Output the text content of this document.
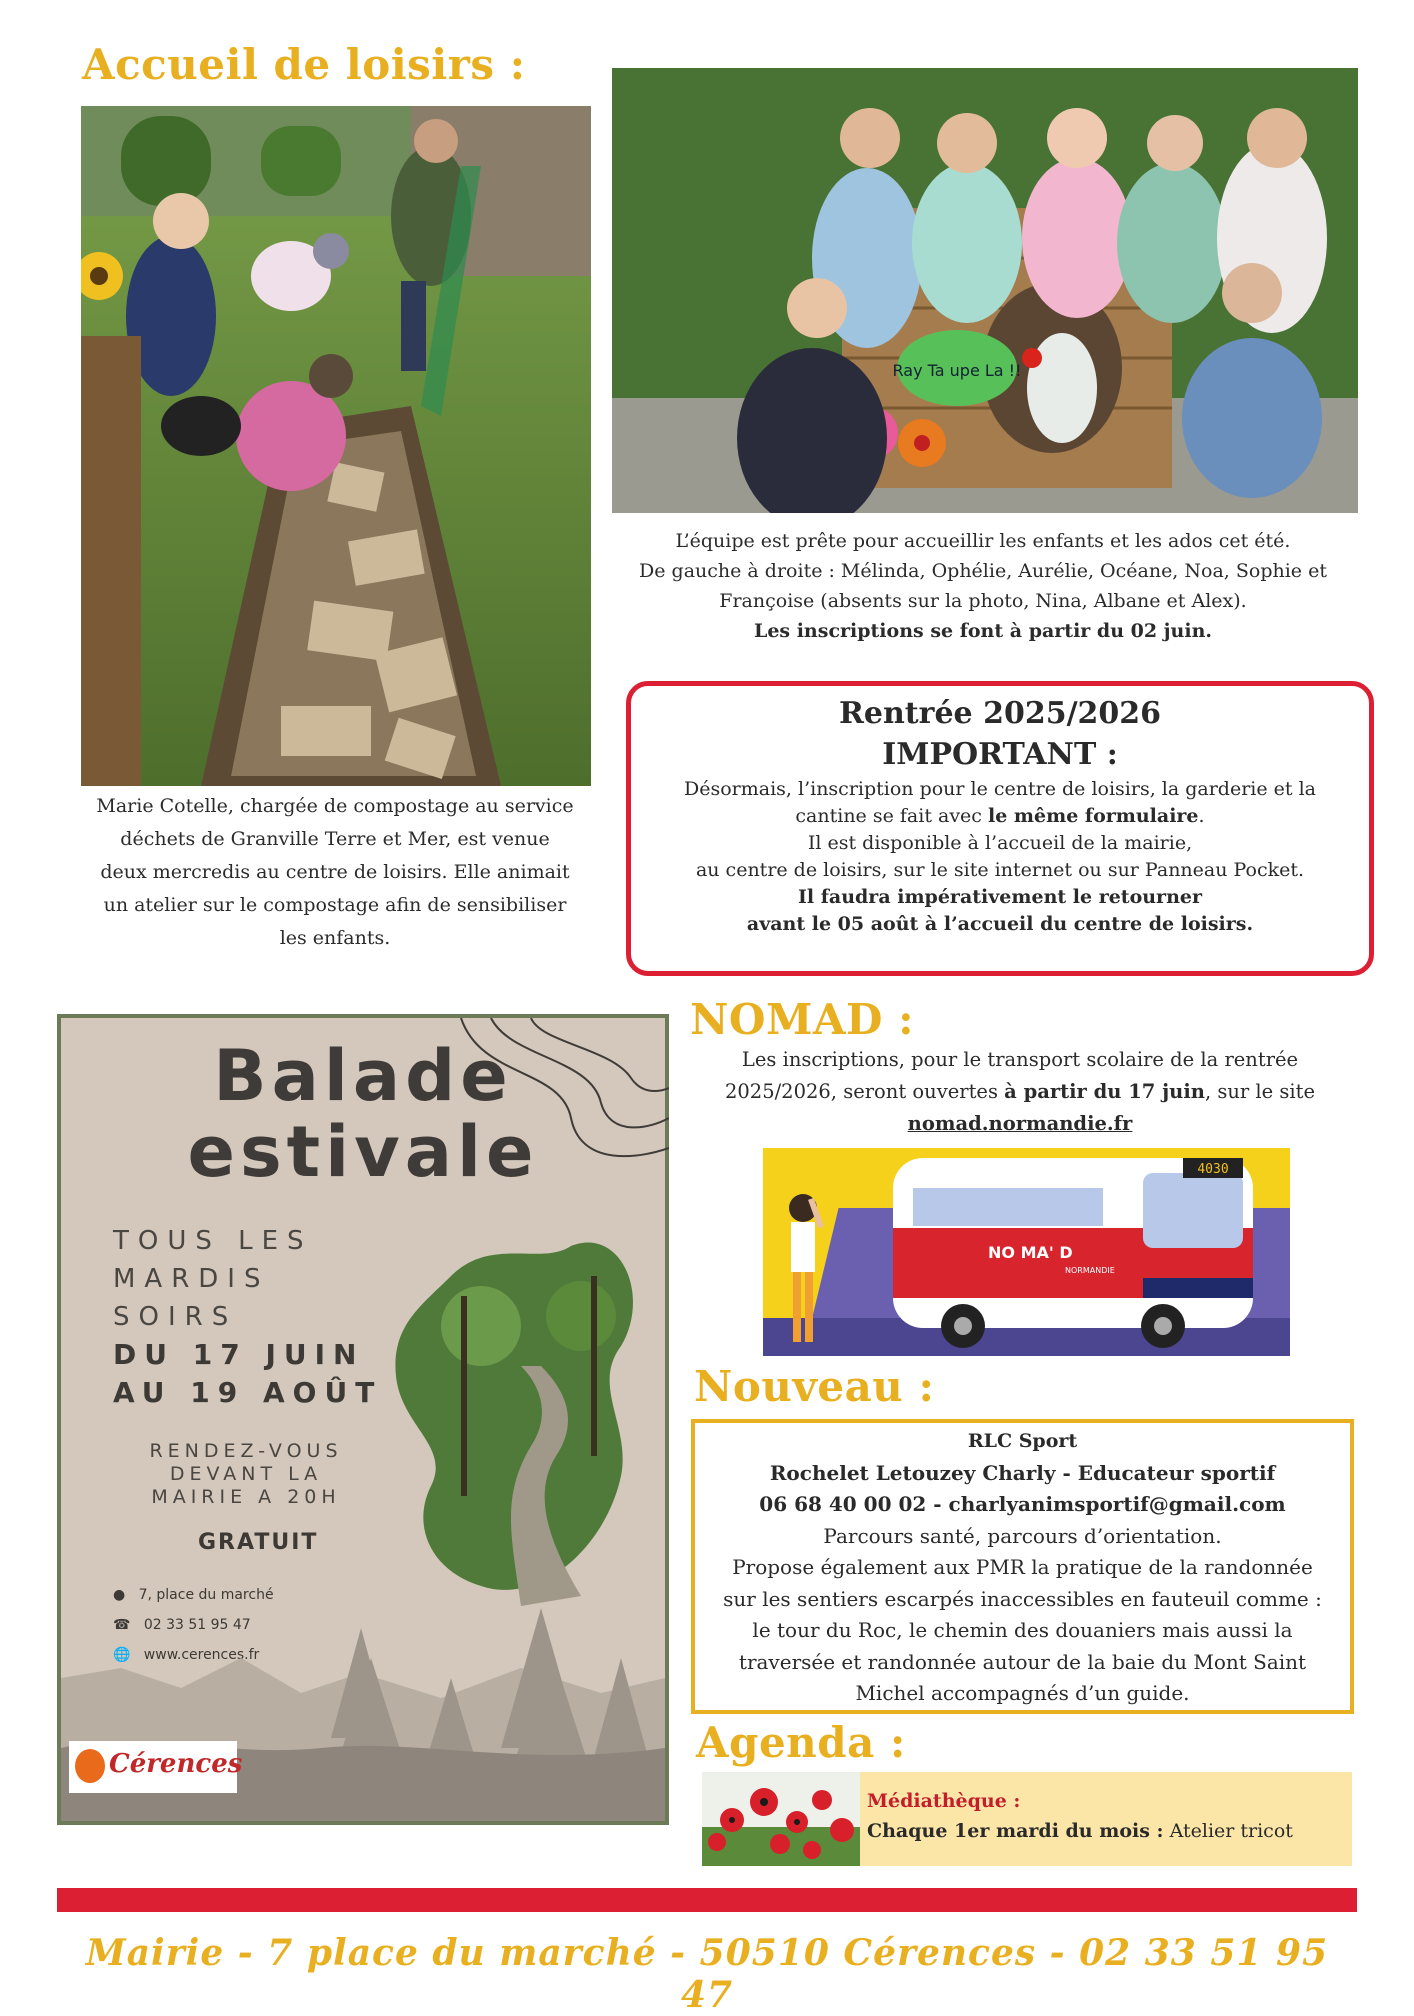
Accueil de loisirs :
Marie Cotelle, chargée de compostage au service
déchets de Granville Terre et Mer, est venue
deux mercredis au centre de loisirs. Elle animait
un atelier sur le compostage afin de sensibiliser
les enfants.
Ray Ta upe La !!
L’équipe est prête pour accueillir les enfants et les ados cet été.
De gauche à droite : Mélinda, Ophélie, Aurélie, Océane, Noa, Sophie et
Françoise (absents sur la photo, Nina, Albane et Alex).
Les inscriptions se font à partir du 02 juin.
Rentrée 2025/2026
IMPORTANT :

Désormais, l’inscription pour le centre de loisirs, la garderie et la

cantine se fait avec le même formulaire.

Il est disponible à l’accueil de la mairie,

au centre de loisirs, sur le site internet ou sur Panneau Pocket.

Il faudra impérativement le retourner

avant le 05 août à l’accueil du centre de loisirs.

Balade
estivale
TOUS LES
MARDIS
SOIRS
DU 17 JUIN
AU 19 AOÛT
RENDEZ-VOUS
DEVANT LA
MAIRIE A 20H
GRATUIT
● 7, place du marché
☎ 02 33 51 95 47
🌐 www.cerences.fr
Cérences
NOMAD :
Les inscriptions, pour le transport scolaire de la rentrée
2025/2026, seront ouvertes à partir du 17 juin, sur le site
nomad.normandie.fr
4030
NO MA' D
NORMANDIE
Nouveau :

RLC Sport

Rochelet Letouzey Charly - Educateur sportif

06 68 40 00 02 - charlyanimsportif@gmail.com

Parcours santé, parcours d’orientation.

Propose également aux PMR la pratique de la randonnée

sur les sentiers escarpés inaccessibles en fauteuil comme :

le tour du Roc, le chemin des douaniers mais aussi la

traversée et randonnée autour de la baie du Mont Saint

Michel accompagnés d’un guide.

Agenda :
Médiathèque :
Chaque 1er mardi du mois : Atelier tricot
Mairie - 7 place du marché - 50510 Cérences - 02 33 51 95 47
